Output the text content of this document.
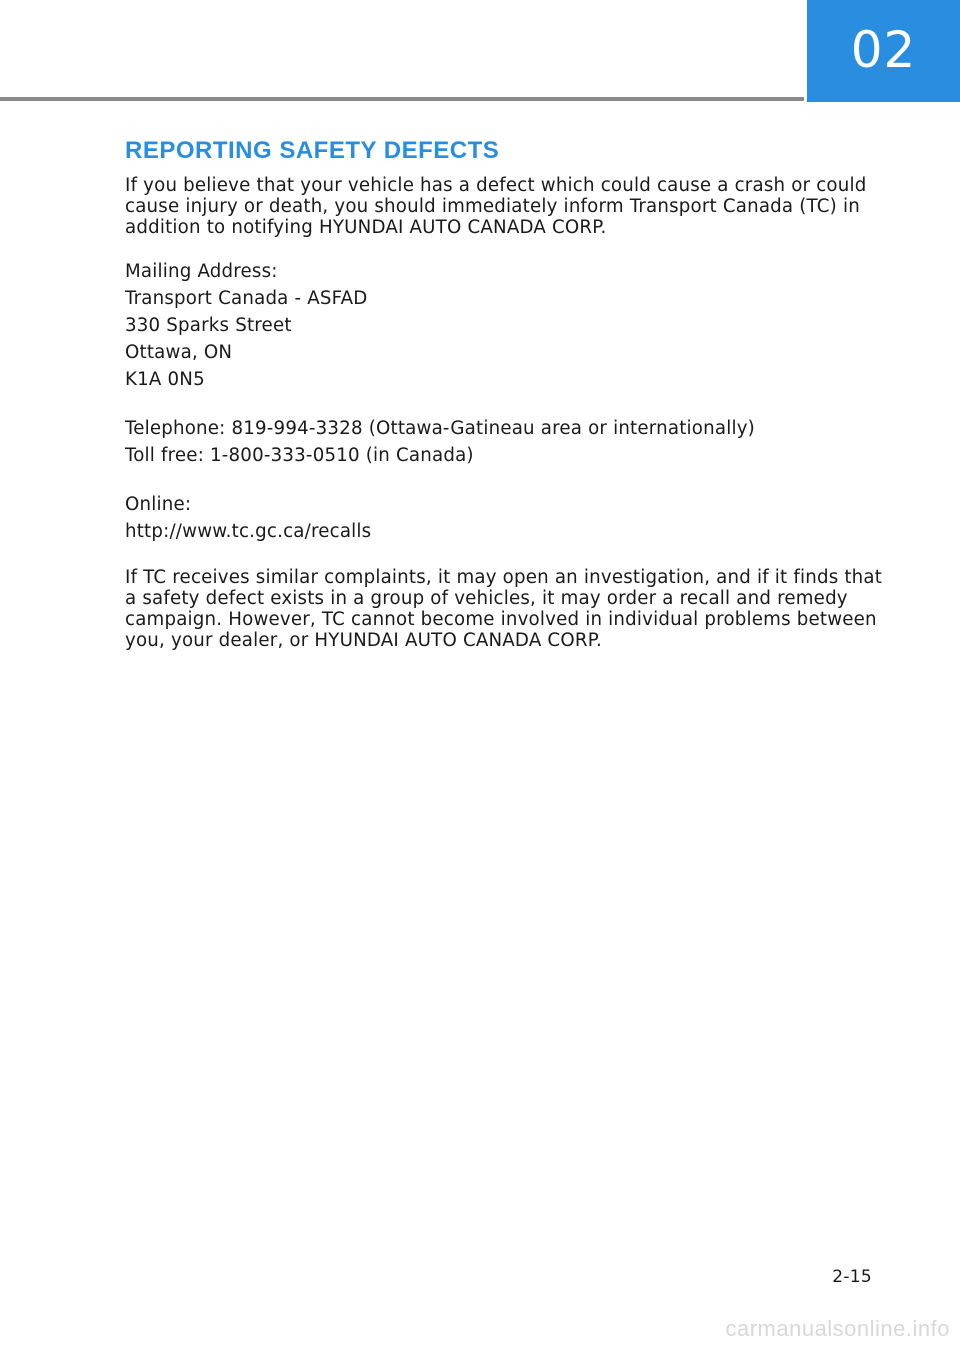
02
REPORTING SAFETY DEFECTS

If you believe that your vehicle has a defect which could cause a crash or could cause injury or death, you should immediately inform Transport Canada (TC) in addition to notifying HYUNDAI AUTO CANADA CORP.

Mailing Address:

Transport Canada - ASFAD

330 Sparks Street

Ottawa, ON

K1A 0N5

Telephone: 819-994-3328 (Ottawa-Gatineau area or internationally)

Toll free: 1-800-333-0510 (in Canada)

Online:

http://www.tc.gc.ca/recalls

If TC receives similar complaints, it may open an investigation, and if it finds that a safety defect exists in a group of vehicles, it may order a recall and remedy campaign. However, TC cannot become involved in individual problems between you, your dealer, or HYUNDAI AUTO CANADA CORP.

2-15
carmanualsonline.info
